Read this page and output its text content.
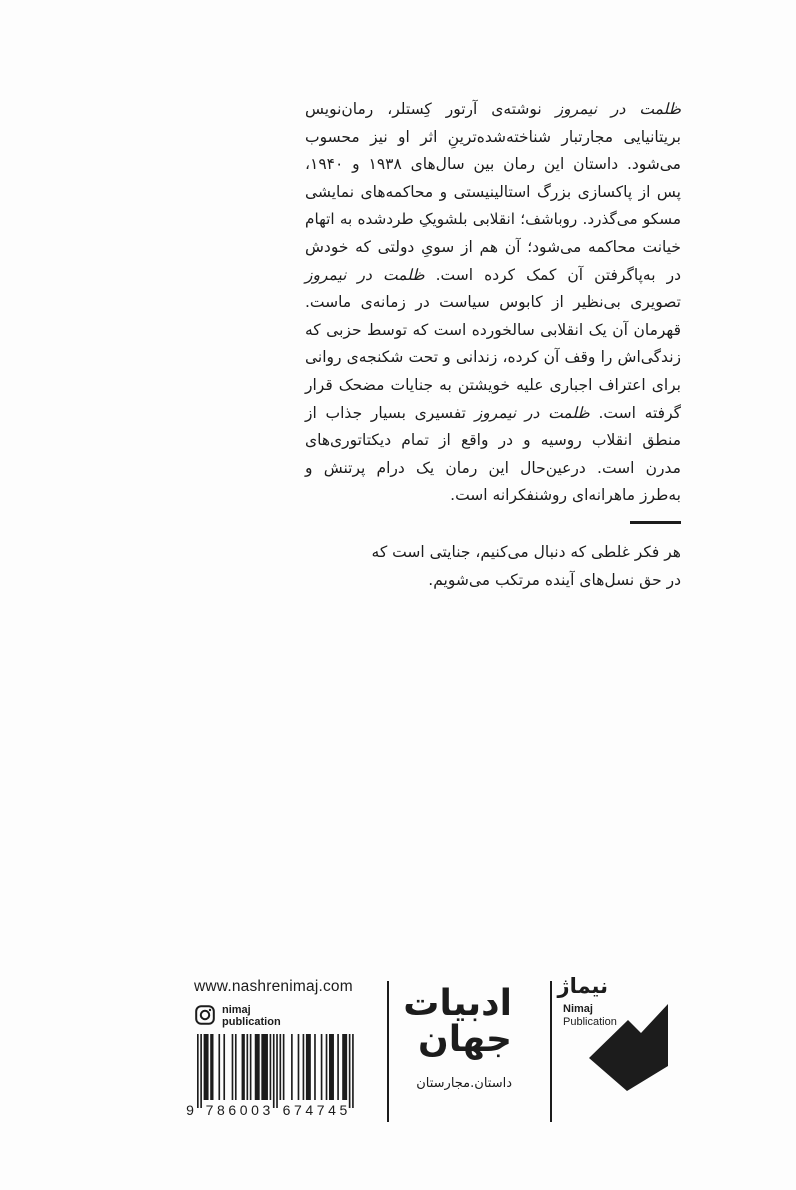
ظلمت در نیمروز نوشته‌ی آرتور کِستلر، رمان‌نویس
بریتانیایی مجارتبار شناخته‌شده‌ترینِ اثر او نیز محسوب
می‌شود. داستان این رمان بین سال‌های ۱۹۳۸ و ۱۹۴۰،
پس از پاکسازی بزرگ استالینیستی و محاکمه‌های نمایشی
مسکو می‌گذرد. روباشف؛ انقلابی بلشویکِ طردشده به اتهام
خیانت محاکمه می‌شود؛ آن هم از سویِ دولتی که خودش
در به‌پاگرفتن آن کمک کرده است. ظلمت در نیمروز
تصویری بی‌نظیر از کابوس سیاست در زمانه‌ی ماست.
قهرمان آن یک انقلابی سالخورده است که توسط حزبی که
زندگی‌اش را وقف آن کرده، زندانی و تحت شکنجه‌ی روانی
برای اعتراف اجباری علیه خویشتن به جنایات مضحک قرار
گرفته است. ظلمت در نیمروز تفسیری بسیار جذاب از
منطق انقلاب روسیه و در واقع از تمام دیکتاتوری‌های
مدرن است. درعین‌حال این رمان یک درام پرتنش و
به‌طرز ماهرانه‌ای روشنفکرانه است.
هر فکر غلطی که دنبال می‌کنیم، جنایتی است که
در حق نسل‌های آینده مرتکب می‌شویم.
www.nashrenimaj.com
nimaj
publication
9 786003 674745
ادبیات
جهان
داستان.مجارستان
نیماژ
Nimaj
Publication
